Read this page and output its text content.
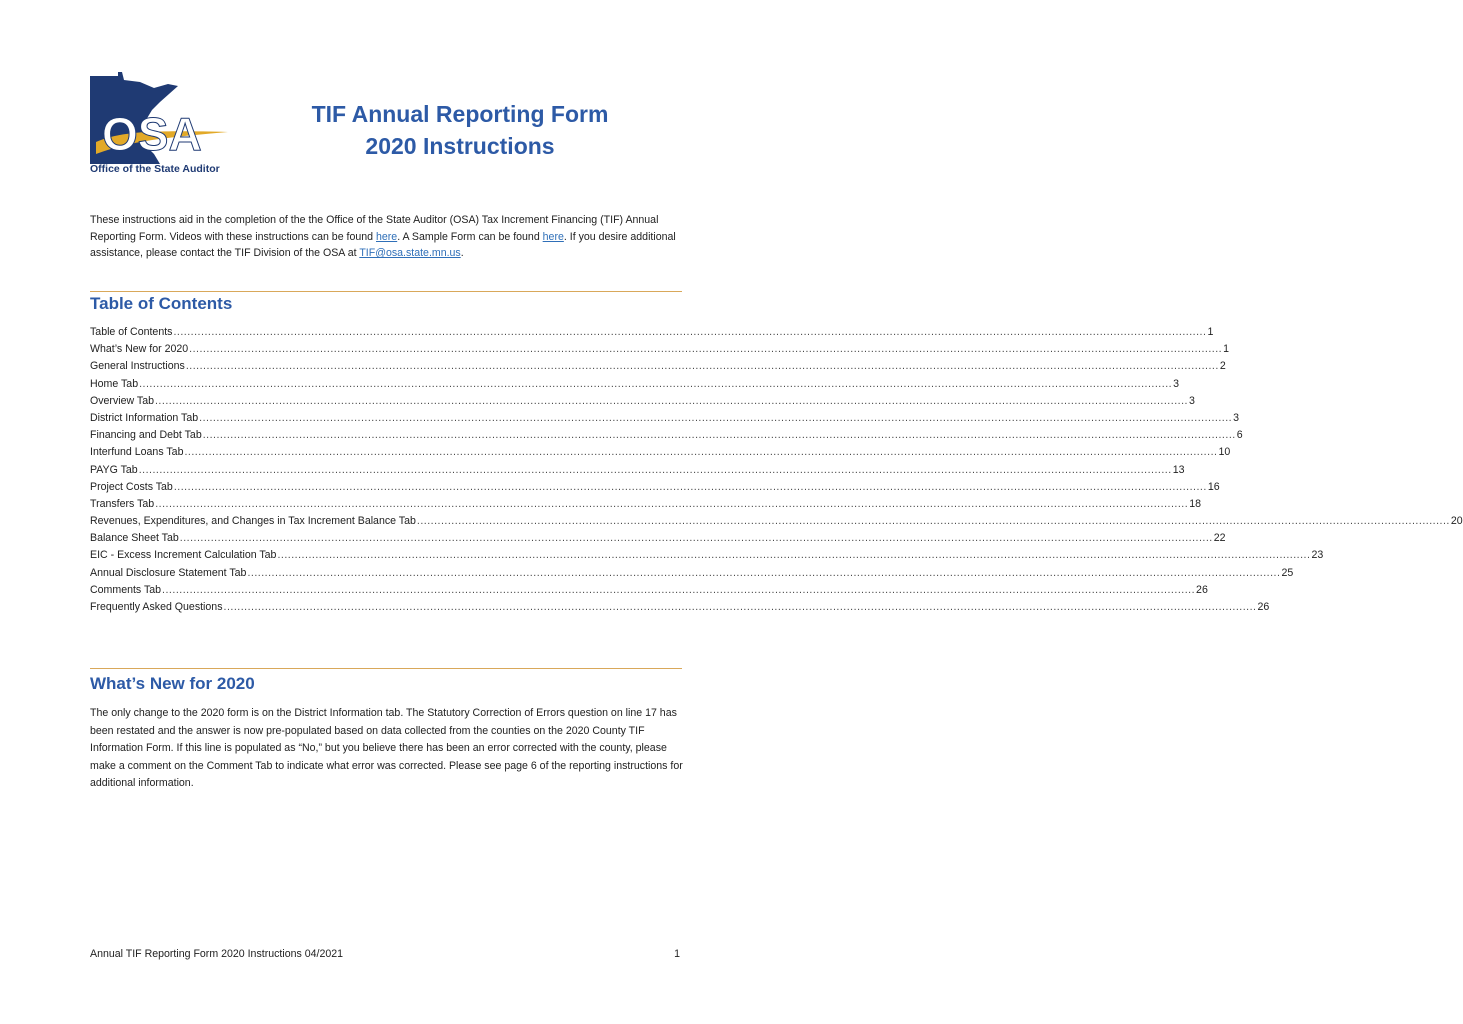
OSA
Office of the State Auditor
TIF Annual Reporting Form
2020 Instructions
These instructions aid in the completion of the the Office of the State Auditor (OSA) Tax Increment Financing (TIF) Annual Reporting Form. Videos with these instructions can be found here. A Sample Form can be found here. If you desire additional assistance, please contact the TIF Division of the OSA at TIF@osa.state.mn.us.
Table of Contents
Table of Contents ............................................................................................................................................................................................................................................................................................................ 1
What’s New for 2020 ............................................................................................................................................................................................................................................................................................................ 1
General Instructions ............................................................................................................................................................................................................................................................................................................ 2
Home Tab ............................................................................................................................................................................................................................................................................................................ 3
Overview Tab ............................................................................................................................................................................................................................................................................................................ 3
District Information Tab ............................................................................................................................................................................................................................................................................................................ 3
Financing and Debt Tab ............................................................................................................................................................................................................................................................................................................ 6
Interfund Loans Tab ............................................................................................................................................................................................................................................................................................................ 10
PAYG Tab ............................................................................................................................................................................................................................................................................................................ 13
Project Costs Tab ............................................................................................................................................................................................................................................................................................................ 16
Transfers Tab ............................................................................................................................................................................................................................................................................................................ 18
Revenues, Expenditures, and Changes in Tax Increment Balance Tab ............................................................................................................................................................................................................................................................................................................ 20
Balance Sheet Tab ............................................................................................................................................................................................................................................................................................................ 22
EIC - Excess Increment Calculation Tab ............................................................................................................................................................................................................................................................................................................ 23
Annual Disclosure Statement Tab ............................................................................................................................................................................................................................................................................................................ 25
Comments Tab ............................................................................................................................................................................................................................................................................................................ 26
Frequently Asked Questions ............................................................................................................................................................................................................................................................................................................ 26
What’s New for 2020
The only change to the 2020 form is on the District Information tab. The Statutory Correction of Errors question on line 17 has been restated and the answer is now pre-populated based on data collected from the counties on the 2020 County TIF Information Form. If this line is populated as “No,” but you believe there has been an error corrected with the county, please make a comment on the Comment Tab to indicate what error was corrected. Please see page 6 of the reporting instructions for additional information.
Annual TIF Reporting Form 2020 Instructions 04/2021	1
